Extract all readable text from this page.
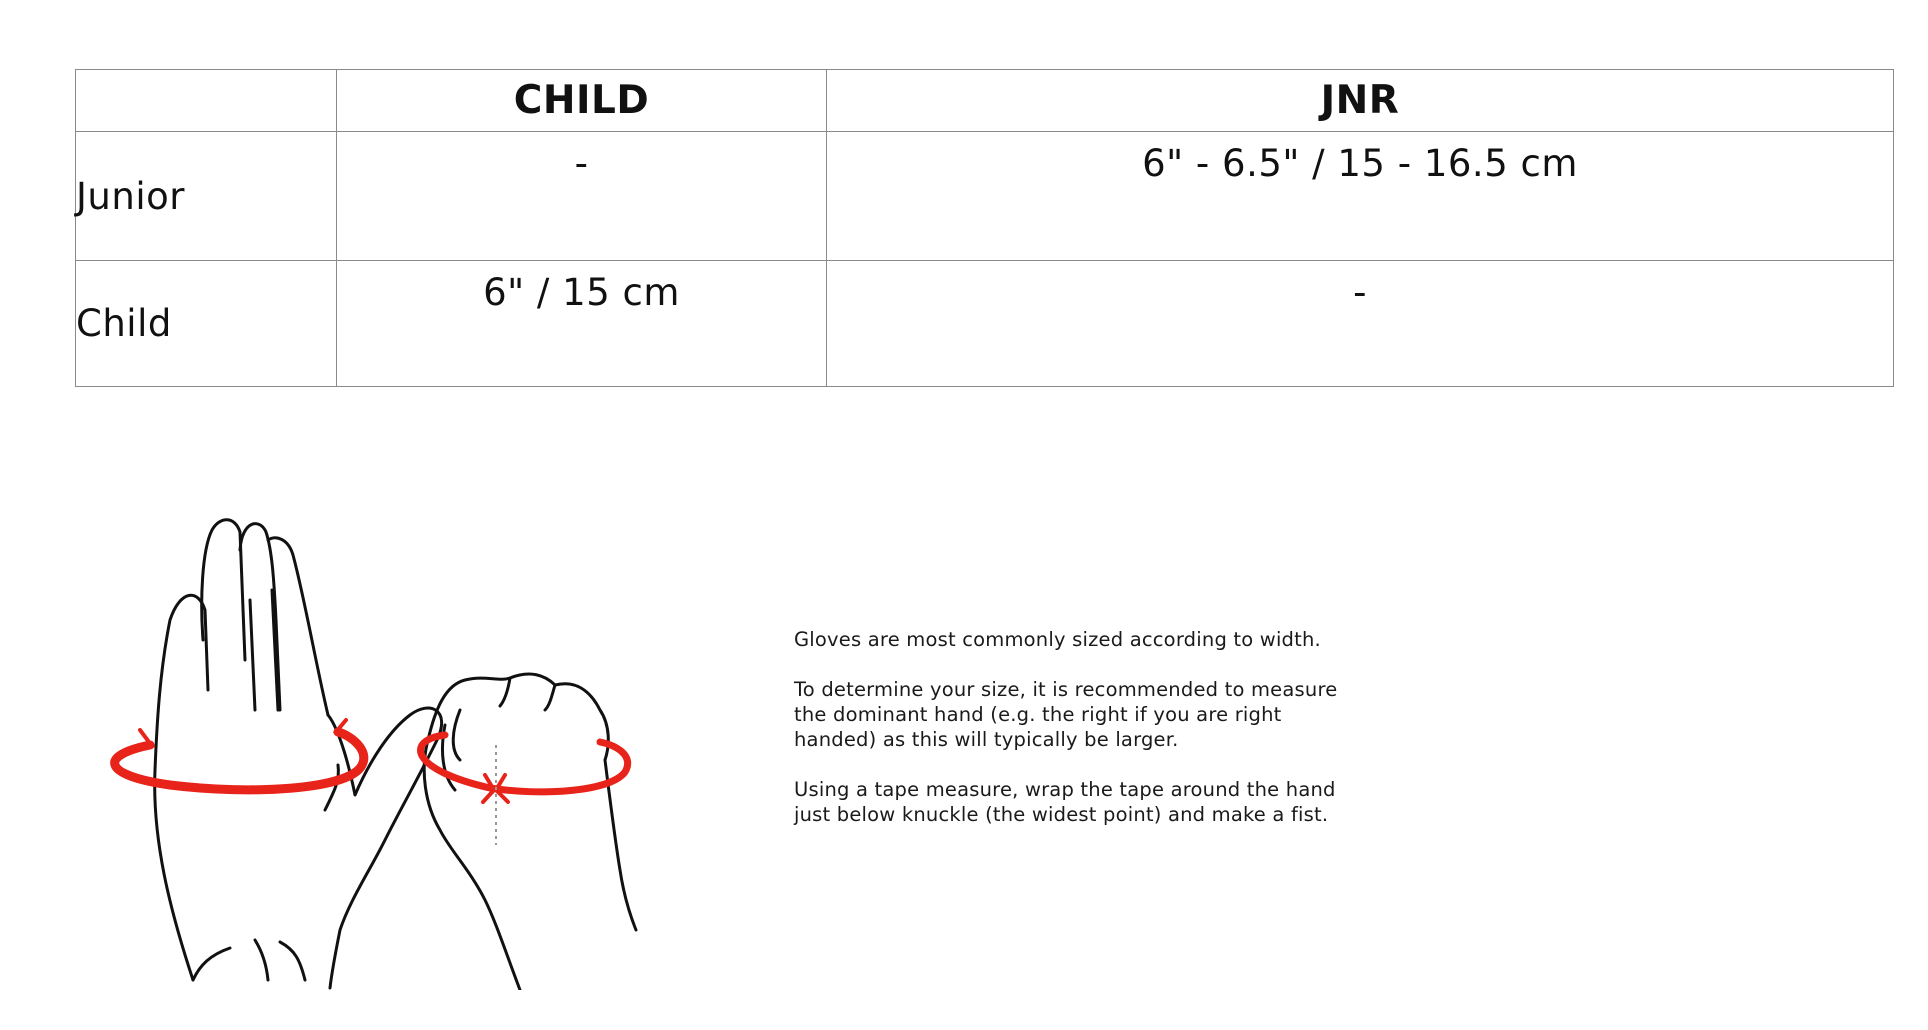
	CHILD	JNR
Junior	-	6" - 6.5" / 15 - 16.5 cm
Child	6" / 15 cm	-

Gloves are most commonly sized according to width.

To determine your size, it is recommended to measure
the dominant hand (e.g. the right if you are right
handed) as this will typically be larger.

Using a tape measure, wrap the tape around the hand
just below knuckle (the widest point) and make a fist.
